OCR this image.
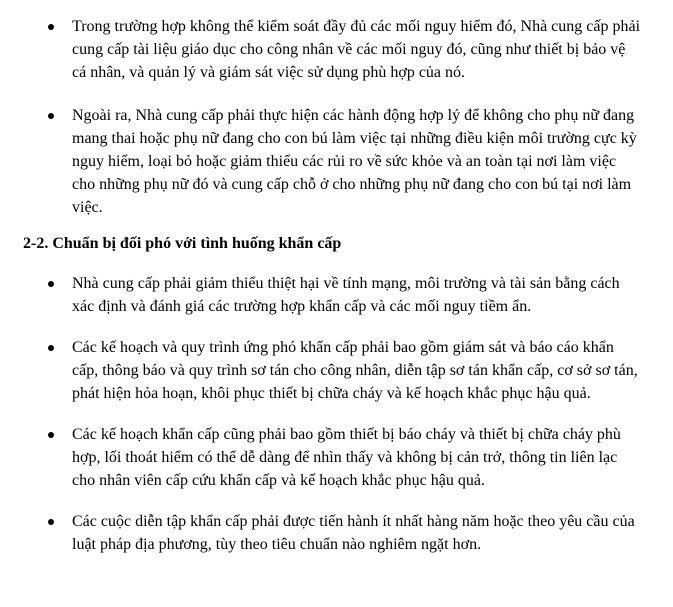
Trong trường hợp không thể kiểm soát đầy đủ các mối nguy hiểm đó, Nhà cung cấp phải cung cấp tài liệu giáo dục cho công nhân về các mối nguy đó, cũng như thiết bị bảo vệ cá nhân, và quản lý và giám sát việc sử dụng phù hợp của nó.
Ngoài ra, Nhà cung cấp phải thực hiện các hành động hợp lý để không cho phụ nữ đang mang thai hoặc phụ nữ đang cho con bú làm việc tại những điều kiện môi trường cực kỳ nguy hiểm, loại bỏ hoặc giảm thiểu các rủi ro về sức khỏe và an toàn tại nơi làm việc cho những phụ nữ đó và cung cấp chỗ ở cho những phụ nữ đang cho con bú tại nơi làm việc.
2-2. Chuẩn bị đối phó với tình huống khẩn cấp
Nhà cung cấp phải giảm thiểu thiệt hại về tính mạng, môi trường và tài sản bằng cách xác định và đánh giá các trường hợp khẩn cấp và các mối nguy tiềm ẩn.
Các kế hoạch và quy trình ứng phó khẩn cấp phải bao gồm giám sát và báo cáo khẩn cấp, thông báo và quy trình sơ tán cho công nhân, diễn tập sơ tán khẩn cấp, cơ sở sơ tán, phát hiện hỏa hoạn, khôi phục thiết bị chữa cháy và kế hoạch khắc phục hậu quả.
Các kế hoạch khẩn cấp cũng phải bao gồm thiết bị báo cháy và thiết bị chữa cháy phù hợp, lối thoát hiểm có thể dễ dàng để nhìn thấy và không bị cản trở, thông tin liên lạc cho nhân viên cấp cứu khẩn cấp và kế hoạch khắc phục hậu quả.
Các cuộc diễn tập khẩn cấp phải được tiến hành ít nhất hàng năm hoặc theo yêu cầu của luật pháp địa phương, tùy theo tiêu chuẩn nào nghiêm ngặt hơn.
